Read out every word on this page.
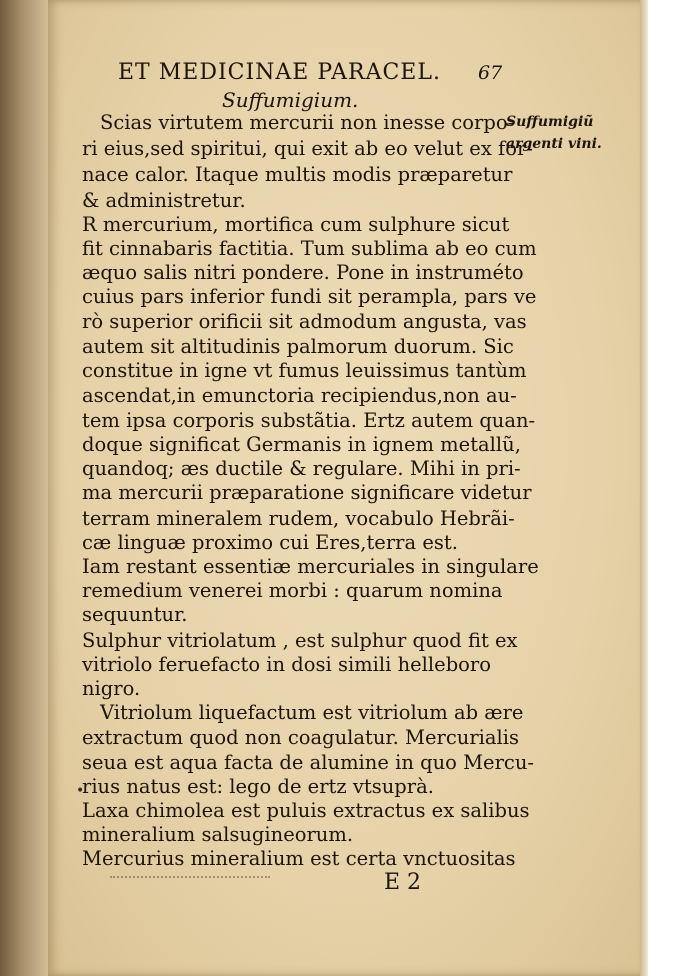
ET MEDICINAE PARACEL.	67
Suffumigium.
Suffumigiũ
argenti vini.
Scias virtutem mercurii non inesse corpo-
ri eius,sed spiritui, qui exit ab eo velut ex for-
nace calor. Itaque multis modis præparetur
& administretur.
R mercurium, mortifica cum sulphure sicut
fit cinnabaris factitia. Tum sublima ab eo cum
æquo salis nitri pondere. Pone in instruméto
cuius pars inferior fundi sit perampla, pars ve
rò superior orificii sit admodum angusta, vas
autem sit altitudinis palmorum duorum. Sic
constitue in igne vt fumus leuissimus tantùm
ascendat,in emunctoria recipiendus,non au-
tem ipsa corporis substãtia. Ertz autem quan-
doque significat Germanis in ignem metallũ,
quandoq; æs ductile & regulare. Mihi in pri-
ma mercurii præparatione significare videtur
terram mineralem rudem, vocabulo Hebrãi-
cæ linguæ proximo cui Eres,terra est.
Iam restant essentiæ mercuriales in singulare
remedium venerei morbi : quarum nomina
sequuntur.
Sulphur vitriolatum , est sulphur quod fit ex
vitriolo feruefacto in dosi simili helleboro
nigro.
Vitriolum liquefactum est vitriolum ab ære
extractum quod non coagulatur. Mercurialis
seua est aqua facta de alumine in quo Mercu-
rius natus est: lego de ertz vtsuprà.
Laxa chimolea est puluis extractus ex salibus
mineralium salsugineorum.
Mercurius mineralium est certa vnctuositas
•
E 2
